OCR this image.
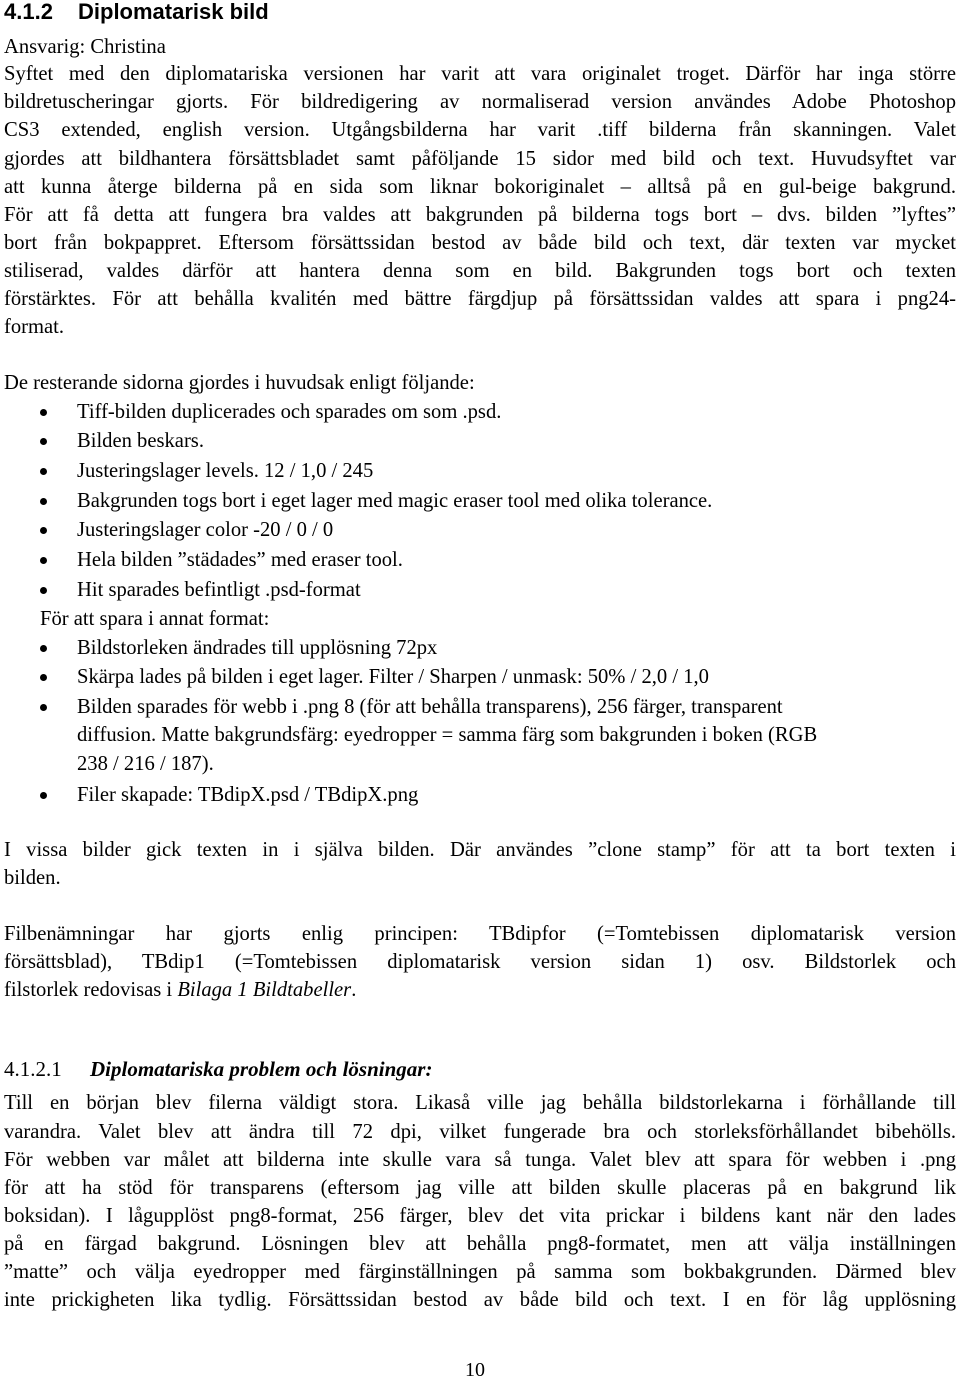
4.1.2 Diplomatarisk bild

Ansvarig: Christina

Syftet med den diplomatariska versionen har varit att vara originalet troget. Därför har inga större

bildretuscheringar gjorts. För bildredigering av normaliserad version användes Adobe Photoshop

CS3 extended, english version. Utgångsbilderna har varit .tiff bilderna från skanningen. Valet

gjordes att bildhantera försättsbladet samt påföljande 15 sidor med bild och text. Huvudsyftet var

att kunna återge bilderna på en sida som liknar bokoriginalet – alltså på en gul-beige bakgrund.

För att få detta att fungera bra valdes att bakgrunden på bilderna togs bort – dvs. bilden ”lyftes”

bort från bokpappret. Eftersom försättssidan bestod av både bild och text, där texten var mycket

stiliserad, valdes därför att hantera denna som en bild. Bakgrunden togs bort och texten

förstärktes. För att behålla kvalitén med bättre färgdjup på försättssidan valdes att spara i png24-

format.

De resterande sidorna gjordes i huvudsak enligt följande:

Tiff-bilden duplicerades och sparades om som .psd.
Bilden beskars.
Justeringslager levels. 12 / 1,0 / 245
Bakgrunden togs bort i eget lager med magic eraser tool med olika tolerance.
Justeringslager color -20 / 0 / 0
Hela bilden ”städades” med eraser tool.
Hit sparades befintligt .psd-format

För att spara i annat format:

Bildstorleken ändrades till upplösning 72px
Skärpa lades på bilden i eget lager. Filter / Sharpen / unmask: 50% / 2,0 / 1,0
Bilden sparades för webb i .png 8 (för att behålla transparens), 256 färger, transparent
diffusion. Matte bakgrundsfärg: eyedropper = samma färg som bakgrunden i boken (RGB
238 / 216 / 187).
Filer skapade: TBdipX.psd / TBdipX.png

I vissa bilder gick texten in i själva bilden. Där användes ”clone stamp” för att ta bort texten i

bilden.

Filbenämningar har gjorts enlig principen: TBdipfor (=Tomtebissen diplomatarisk version

försättsblad), TBdip1 (=Tomtebissen diplomatarisk version sidan 1) osv. Bildstorlek och

filstorlek redovisas i Bilaga 1 Bildtabeller.

4.1.2.1 Diplomatariska problem och lösningar:

Till en början blev filerna väldigt stora. Likaså ville jag behålla bildstorlekarna i förhållande till

varandra. Valet blev att ändra till 72 dpi, vilket fungerade bra och storleksförhållandet bibehölls.

För webben var målet att bilderna inte skulle vara så tunga. Valet blev att spara för webben i .png

för att ha stöd för transparens (eftersom jag ville att bilden skulle placeras på en bakgrund lik

boksidan). I lågupplöst png8-format, 256 färger, blev det vita prickar i bildens kant när den lades

på en färgad bakgrund. Lösningen blev att behålla png8-formatet, men att välja inställningen

”matte” och välja eyedropper med färginställningen på samma som bokbakgrunden. Därmed blev

inte prickigheten lika tydlig. Försättssidan bestod av både bild och text. I en för låg upplösning

10
